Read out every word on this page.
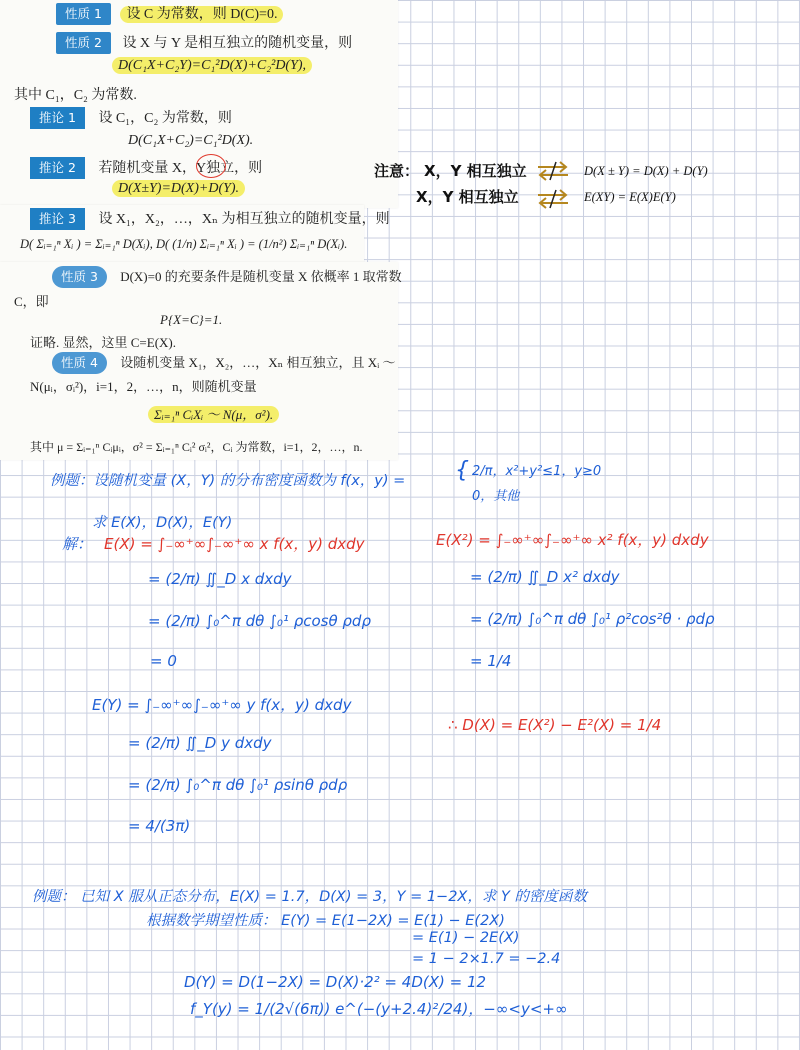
性质 1 设 C 为常数，则 D(C)=0.
性质 2 设 X 与 Y 是相互独立的随机变量，则
D(C₁X+C₂Y)=C₁²D(X)+C₂²D(Y),
其中 C₁，C₂ 为常数.
推论 1 设 C₁，C₂ 为常数，则
D(C₁X+C₂)=C₁²D(X).
推论 2 若随机变量 X，Y独立，则
D(X±Y)=D(X)+D(Y).
推论 3 设 X₁，X₂，…，Xₙ 为相互独立的随机变量，则
D( Σᵢ₌₁ⁿ Xᵢ ) = Σᵢ₌₁ⁿ D(Xᵢ), D( (1/n) Σᵢ₌₁ⁿ Xᵢ ) = (1/n²) Σᵢ₌₁ⁿ D(Xᵢ).
性质 3 D(X)=0 的充要条件是随机变量 X 依概率 1 取常数
C，即
P{X=C}=1.
证略. 显然，这里 C=E(X).
性质 4 设随机变量 X₁，X₂，…，Xₙ 相互独立，且 Xᵢ ～
N(μᵢ，σᵢ²)，i=1，2，…，n，则随机变量
Σᵢ₌₁ⁿ CᵢXᵢ ～ N(μ，σ²).
其中 μ = Σᵢ₌₁ⁿ Cᵢμᵢ，σ² = Σᵢ₌₁ⁿ Cᵢ² σᵢ²，Cᵢ 为常数，i=1，2，…，n.
注意： X，Y 相互独立	D(X ± Y) = D(X) + D(Y)
X，Y 相互独立	E(XY) = E(X)E(Y)
例题：设随机变量 (X，Y) 的分布密度函数为 f(x，y) = { 2/π，x²+y²≤1，y≥0
0，其他
求 E(X)，D(X)，E(Y)
解： E(X) = ∫₋∞⁺∞∫₋∞⁺∞ x f(x，y) dxdy
= (2/π) ∬_D x dxdy
= (2/π) ∫₀^π dθ ∫₀¹ ρcosθ ρdρ
= 0
E(X²) = ∫₋∞⁺∞∫₋∞⁺∞ x² f(x，y) dxdy
= (2/π) ∬_D x² dxdy
= (2/π) ∫₀^π dθ ∫₀¹ ρ²cos²θ · ρdρ
= 1/4
E(Y) = ∫₋∞⁺∞∫₋∞⁺∞ y f(x，y) dxdy
= (2/π) ∬_D y dxdy
= (2/π) ∫₀^π dθ ∫₀¹ ρsinθ ρdρ
= 4/(3π)
∴ D(X) = E(X²) − E²(X) = 1/4
例题： 已知 X 服从正态分布，E(X) = 1.7，D(X) = 3，Y = 1−2X，求 Y 的密度函数
根据数学期望性质： E(Y) = E(1−2X) = E(1) − E(2X)
= E(1) − 2E(X)
= 1 − 2×1.7 = −2.4
D(Y) = D(1−2X) = D(X)·2² = 4D(X) = 12
f_Y(y) = 1/(2√(6π)) e^(−(y+2.4)²/24)，−∞<y<+∞
